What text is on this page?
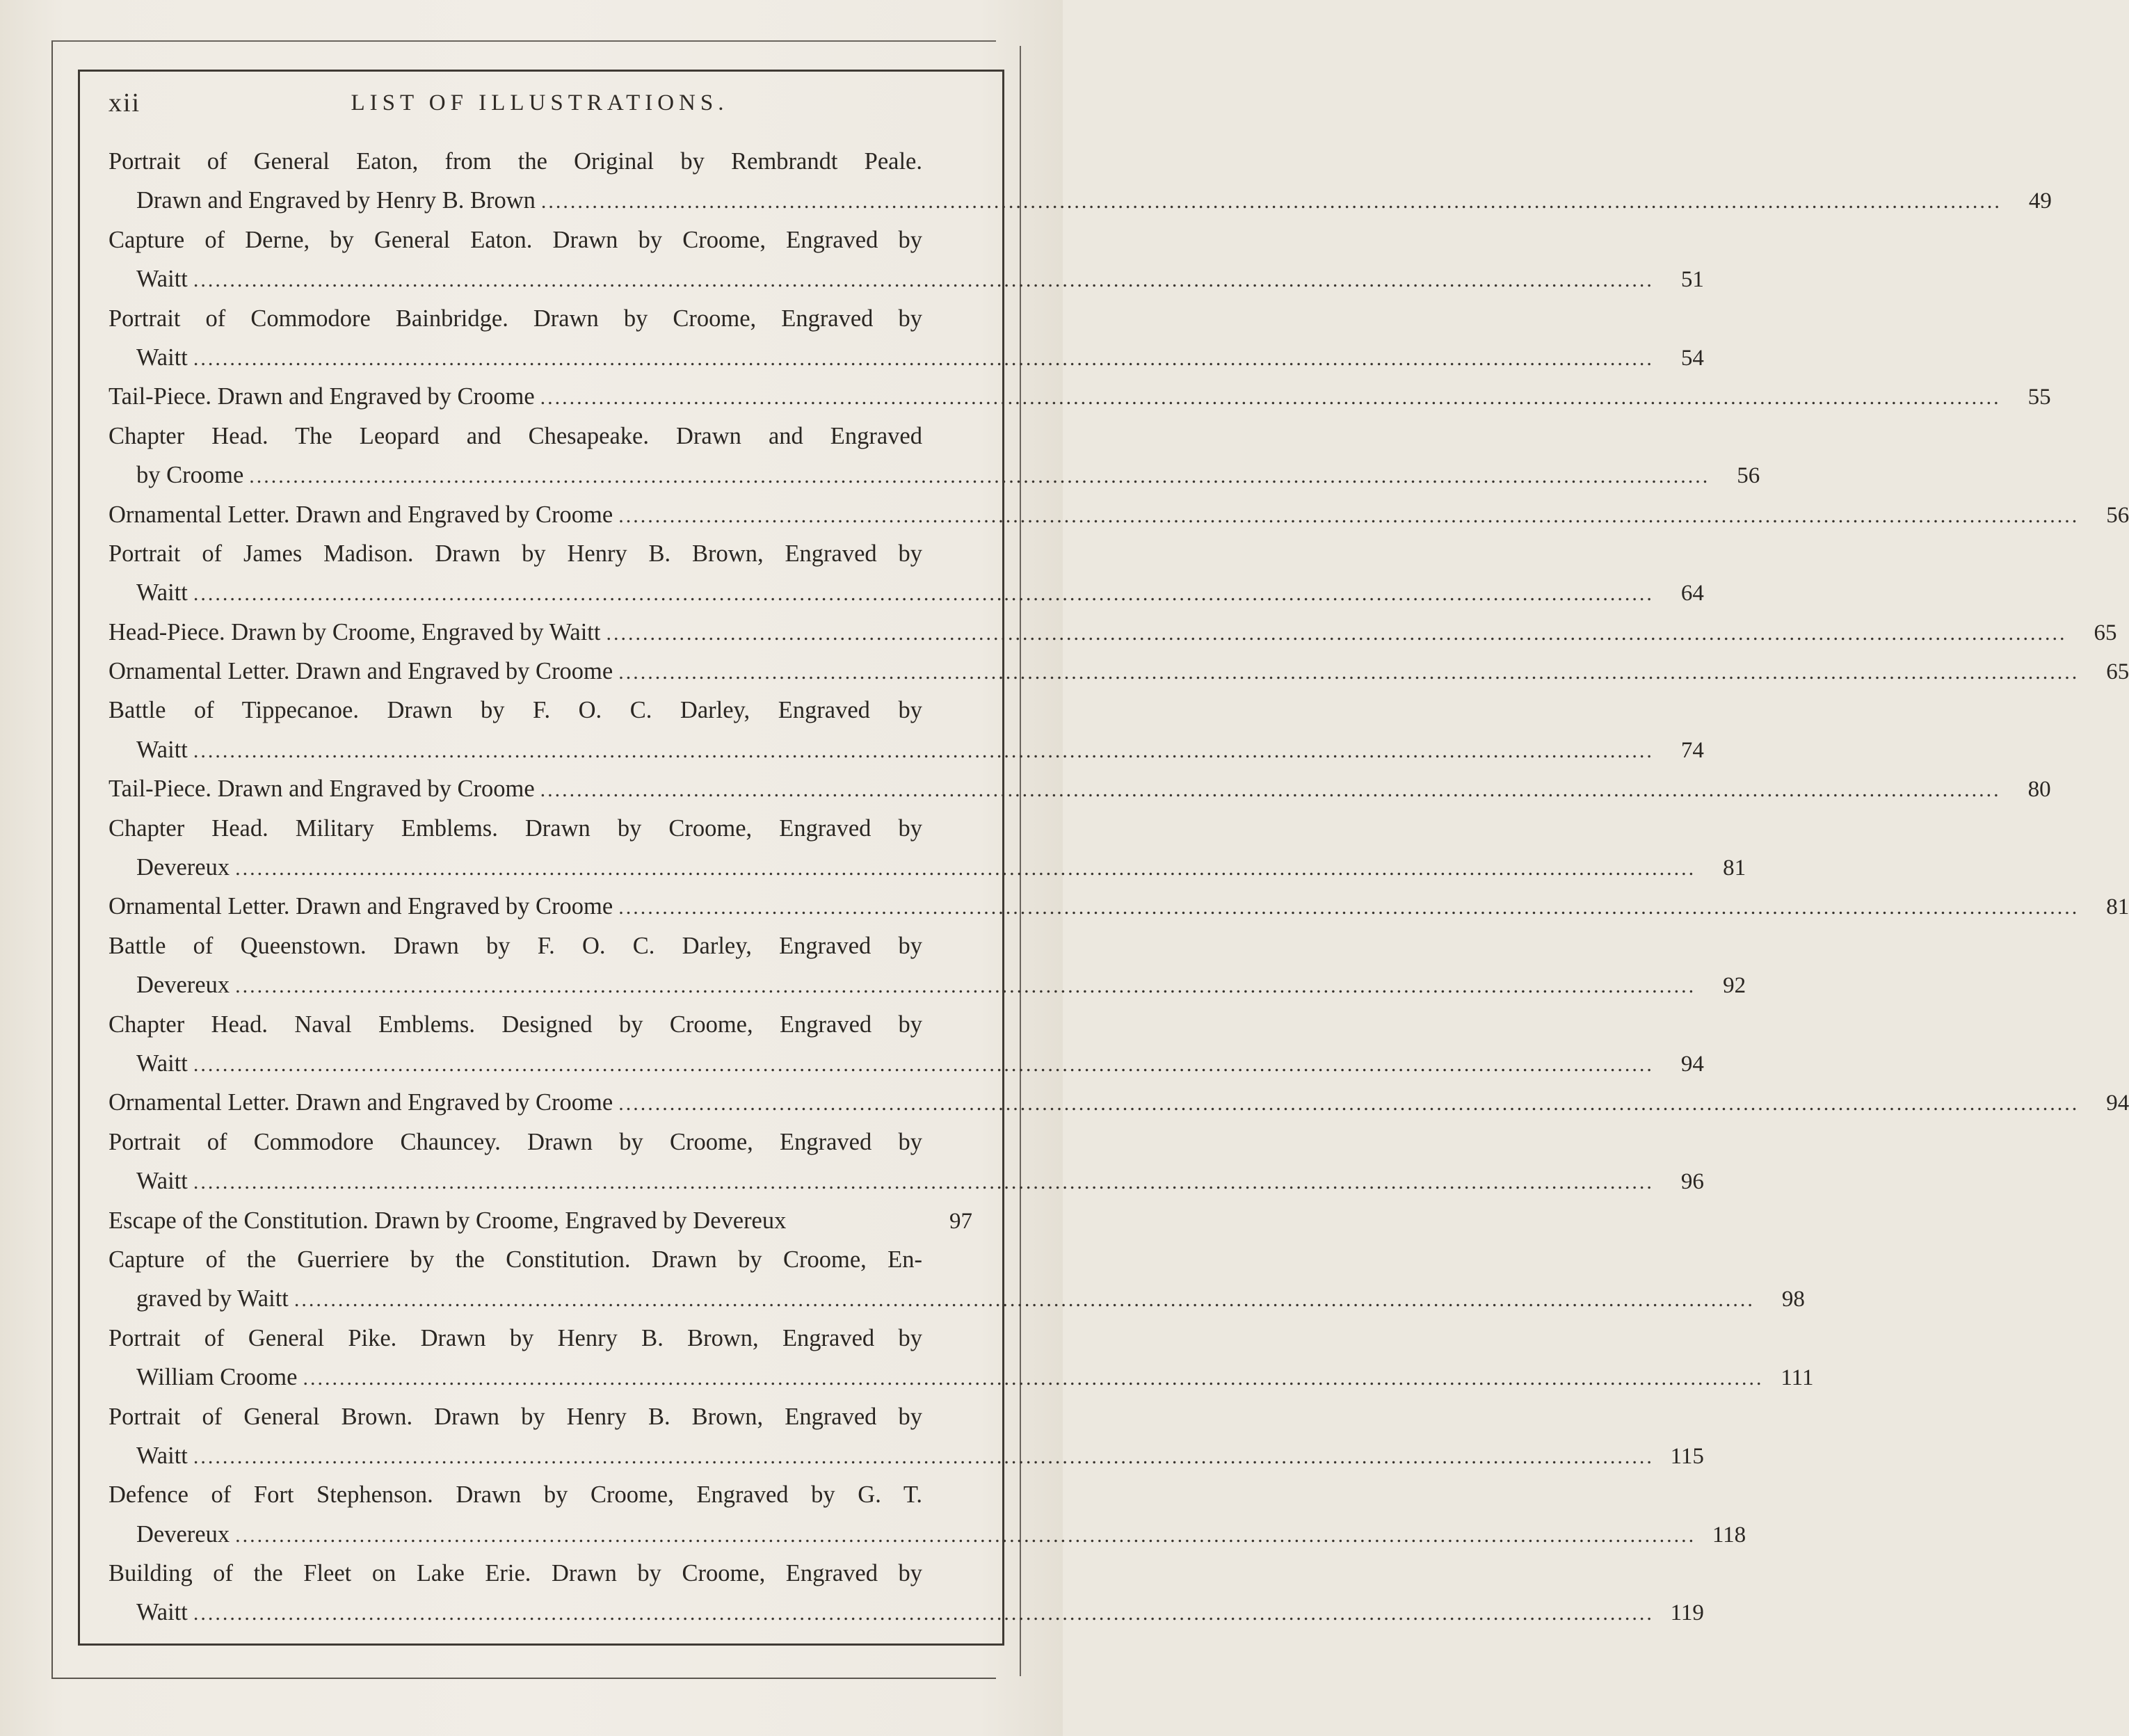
xii	LIST OF ILLUSTRATIONS.
Portrait of General Eaton, from the Original by Rembrandt Peale.
Drawn and Engraved by Henry B. Brown ........................................................................................................................................................................................................	49
Capture of Derne, by General Eaton. Drawn by Croome, Engraved by
Waitt ........................................................................................................................................................................................................	51
Portrait of Commodore Bainbridge. Drawn by Croome, Engraved by
Waitt ........................................................................................................................................................................................................	54
Tail-Piece. Drawn and Engraved by Croome ........................................................................................................................................................................................................	55
Chapter Head. The Leopard and Chesapeake. Drawn and Engraved
by Croome ........................................................................................................................................................................................................	56
Ornamental Letter. Drawn and Engraved by Croome ........................................................................................................................................................................................................	56
Portrait of James Madison. Drawn by Henry B. Brown, Engraved by
Waitt ........................................................................................................................................................................................................	64
Head-Piece. Drawn by Croome, Engraved by Waitt ........................................................................................................................................................................................................	65
Ornamental Letter. Drawn and Engraved by Croome ........................................................................................................................................................................................................	65
Battle of Tippecanoe. Drawn by F. O. C. Darley, Engraved by
Waitt ........................................................................................................................................................................................................	74
Tail-Piece. Drawn and Engraved by Croome ........................................................................................................................................................................................................	80
Chapter Head. Military Emblems. Drawn by Croome, Engraved by
Devereux ........................................................................................................................................................................................................	81
Ornamental Letter. Drawn and Engraved by Croome ........................................................................................................................................................................................................	81
Battle of Queenstown. Drawn by F. O. C. Darley, Engraved by
Devereux ........................................................................................................................................................................................................	92
Chapter Head. Naval Emblems. Designed by Croome, Engraved by
Waitt ........................................................................................................................................................................................................	94
Ornamental Letter. Drawn and Engraved by Croome ........................................................................................................................................................................................................	94
Portrait of Commodore Chauncey. Drawn by Croome, Engraved by
Waitt ........................................................................................................................................................................................................	96
Escape of the Constitution. Drawn by Croome, Engraved by Devereux	97
Capture of the Guerriere by the Constitution. Drawn by Croome, En-
graved by Waitt ........................................................................................................................................................................................................	98
Portrait of General Pike. Drawn by Henry B. Brown, Engraved by
William Croome ........................................................................................................................................................................................................ 111
Portrait of General Brown. Drawn by Henry B. Brown, Engraved by
Waitt ........................................................................................................................................................................................................ 115
Defence of Fort Stephenson. Drawn by Croome, Engraved by G. T.
Devereux ........................................................................................................................................................................................................ 118
Building of the Fleet on Lake Erie. Drawn by Croome, Engraved by
Waitt ........................................................................................................................................................................................................ 119
